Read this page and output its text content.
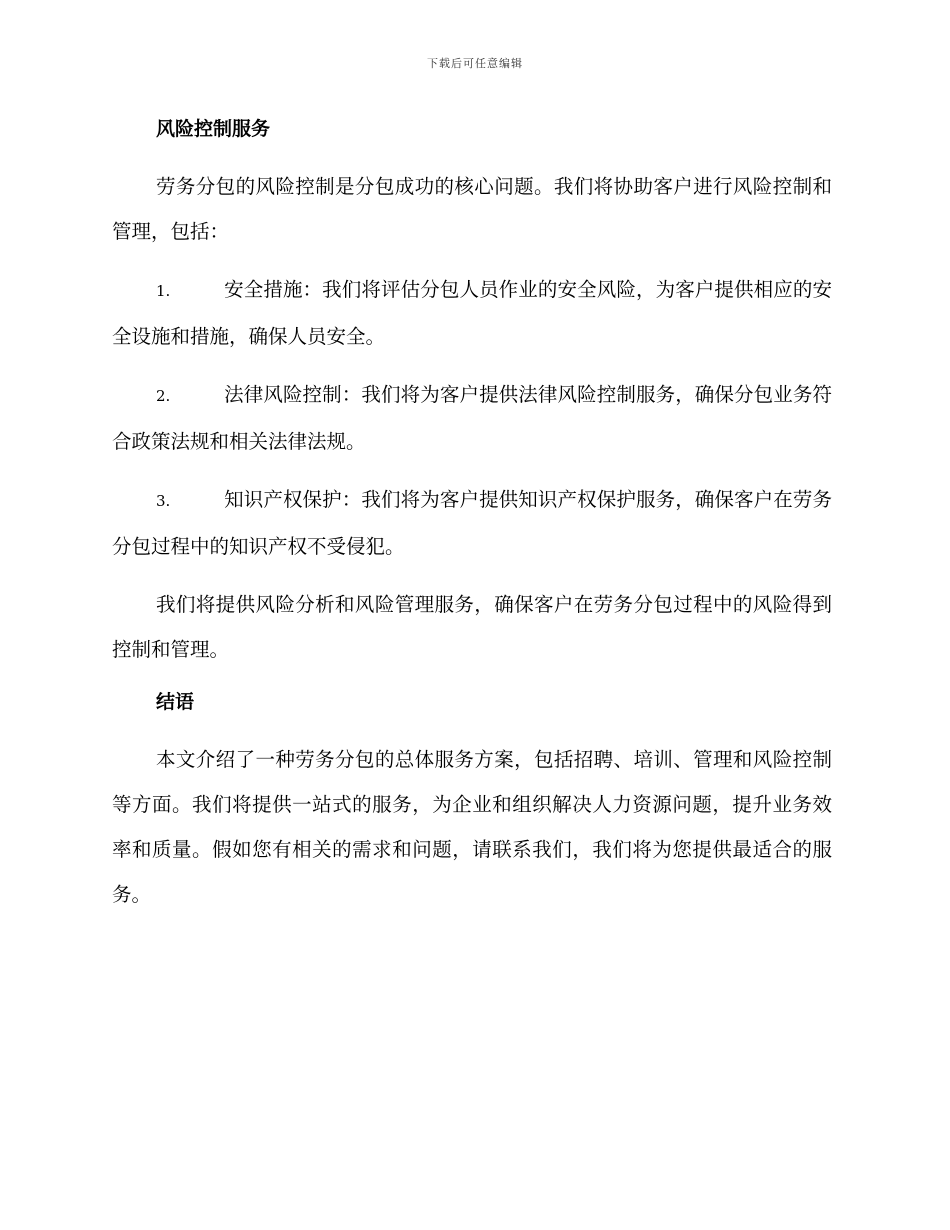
下载后可任意编辑
风险控制服务

劳务分包的风险控制是分包成功的核心问题。我们将协助客户进行风险控制和管理，包括：

1.	安全措施：我们将评估分包人员作业的安全风险，为客户提供相应的安全设施和措施，确保人员安全。

2.	法律风险控制：我们将为客户提供法律风险控制服务，确保分包业务符合政策法规和相关法律法规。

3.	知识产权保护：我们将为客户提供知识产权保护服务，确保客户在劳务分包过程中的知识产权不受侵犯。

我们将提供风险分析和风险管理服务，确保客户在劳务分包过程中的风险得到控制和管理。

结语

本文介绍了一种劳务分包的总体服务方案，包括招聘、培训、管理和风险控制等方面。我们将提供一站式的服务，为企业和组织解决人力资源问题，提升业务效率和质量。假如您有相关的需求和问题，请联系我们，我们将为您提供最适合的服务。
